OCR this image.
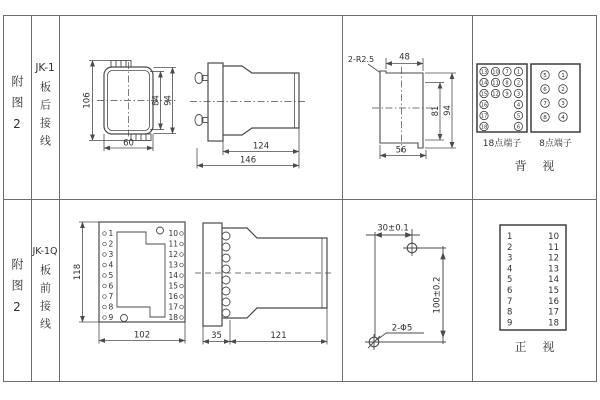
106	84 94
60	124
146
2-R2.5	48
81 94
56
13 10 7 1
14 11 8 2
15 12 9 3
16	4
17	5
18	6
5	1
6	2
7	3
8	4
1
2
3
4
5
6
7
8
9
10
11
12
13
14
15
16
17
18
118
102	35	121
30±0.1
100±0.2
2-Φ5
1
2
3
4
5
6
7
8
9
10
11
12
13
14
15
16
17
18
附图2
JK-1
板后接线
附图2
JK-1Q
板前接线
18点端子	8点端子
背 视
正 视
